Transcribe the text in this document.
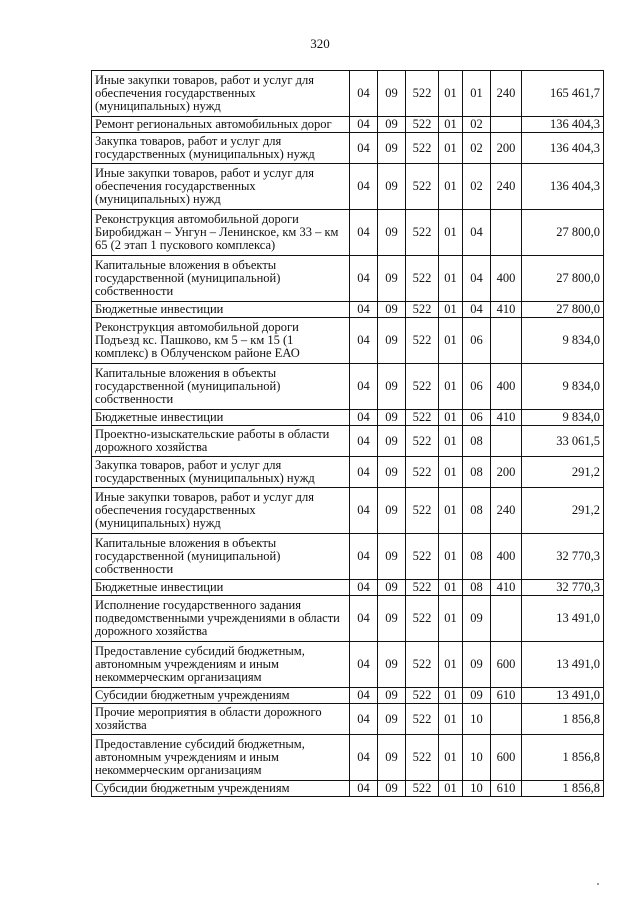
320
Иные закупки товаров, работ и услуг для обеспечения государственных (муниципальных) нужд	04	09	522	01	01	240	165 461,7
Ремонт региональных автомобильных дорог	04	09	522	01	02		136 404,3
Закупка товаров, работ и услуг для государственных (муниципальных) нужд	04	09	522	01	02	200	136 404,3
Иные закупки товаров, работ и услуг для обеспечения государственных (муниципальных) нужд	04	09	522	01	02	240	136 404,3
Реконструкция автомобильной дороги Биробиджан – Унгун – Ленинское, км 33 – км 65 (2 этап 1 пускового комплекса)	04	09	522	01	04		27 800,0
Капитальные вложения в объекты государственной (муниципальной) собственности	04	09	522	01	04	400	27 800,0
Бюджетные инвестиции	04	09	522	01	04	410	27 800,0
Реконструкция автомобильной дороги Подъезд кс. Пашково, км 5 – км 15 (1 комплекс) в Облученском районе ЕАО	04	09	522	01	06		9 834,0
Капитальные вложения в объекты государственной (муниципальной) собственности	04	09	522	01	06	400	9 834,0
Бюджетные инвестиции	04	09	522	01	06	410	9 834,0
Проектно-изыскательские работы в области дорожного хозяйства	04	09	522	01	08		33 061,5
Закупка товаров, работ и услуг для государственных (муниципальных) нужд	04	09	522	01	08	200	291,2
Иные закупки товаров, работ и услуг для обеспечения государственных (муниципальных) нужд	04	09	522	01	08	240	291,2
Капитальные вложения в объекты государственной (муниципальной) собственности	04	09	522	01	08	400	32 770,3
Бюджетные инвестиции	04	09	522	01	08	410	32 770,3
Исполнение государственного задания подведомственными учреждениями в области дорожного хозяйства	04	09	522	01	09		13 491,0
Предоставление субсидий бюджетным, автономным учреждениям и иным некоммерческим организациям	04	09	522	01	09	600	13 491,0
Субсидии бюджетным учреждениям	04	09	522	01	09	610	13 491,0
Прочие мероприятия в области дорожного хозяйства	04	09	522	01	10		1 856,8
Предоставление субсидий бюджетным, автономным учреждениям и иным некоммерческим организациям	04	09	522	01	10	600	1 856,8
Субсидии бюджетным учреждениям	04	09	522	01	10	610	1 856,8
